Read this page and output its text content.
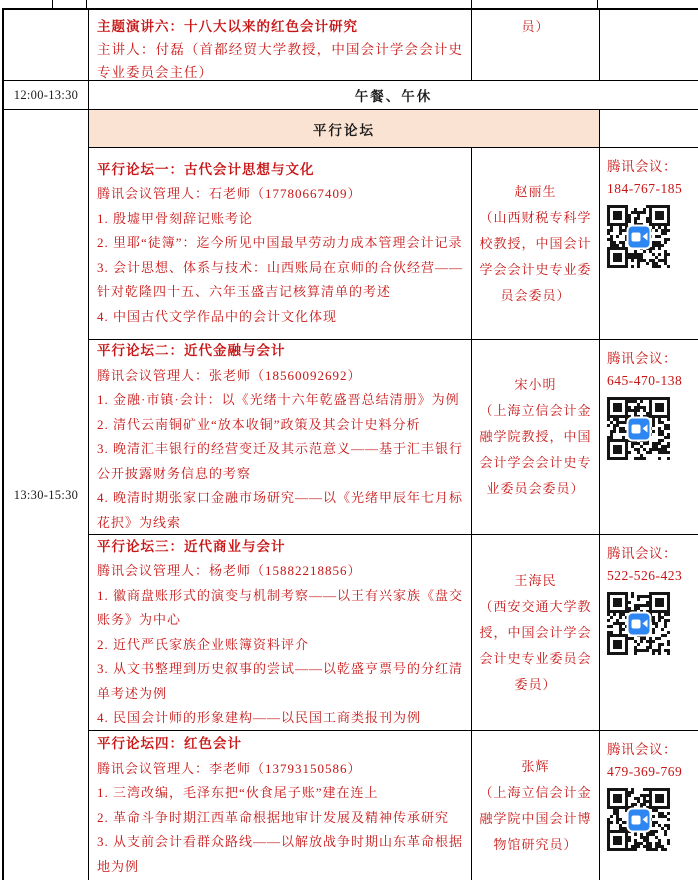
主题演讲六：十八大以来的红色会计研究
主讲人：付磊（首都经贸大学教授，中国会计学会会计史专业委员会主任）
员）
12:00-13:30	午餐、午休
13:30-15:30
平行论坛
平行论坛一：古代会计思想与文化
腾讯会议管理人：石老师（17780667409）
1. 殷墟甲骨刻辞记账考论
2. 里耶“徒簿”：迄今所见中国最早劳动力成本管理会计记录
3. 会计思想、体系与技术：山西账局在京师的合伙经营——针对乾隆四十五、六年玉盛吉记核算清单的考述
4. 中国古代文学作品中的会计文化体现
赵丽生
（山西财税专科学校教授，中国会计学会会计史专业委员会委员）
腾讯会议：
184-767-185
平行论坛二：近代金融与会计
腾讯会议管理人：张老师（18560092692）
1. 金融·市镇·会计：以《光绪十六年乾盛晋总结清册》为例
2. 清代云南铜矿业“放本收铜”政策及其会计史料分析
3. 晚清汇丰银行的经营变迁及其示范意义——基于汇丰银行公开披露财务信息的考察
4. 晚清时期张家口金融市场研究——以《光绪甲辰年七月标花択》为线索
宋小明
（上海立信会计金融学院教授，中国会计学会会计史专业委员会委员）
腾讯会议：
645-470-138
平行论坛三：近代商业与会计
腾讯会议管理人：杨老师（15882218856）
1. 徽商盘账形式的演变与机制考察——以王有兴家族《盘交账务》为中心
2. 近代严氏家族企业账簿资料评介
3. 从文书整理到历史叙事的尝试——以乾盛亨票号的分红清单考述为例
4. 民国会计师的形象建构——以民国工商类报刊为例
王海民
（西安交通大学教授，中国会计学会会计史专业委员会委员）
腾讯会议：
522-526-423
平行论坛四：红色会计
腾讯会议管理人：李老师（13793150586）
1. 三湾改编，毛泽东把“伙食尾子账”建在连上
2. 革命斗争时期江西革命根据地审计发展及精神传承研究
3. 从支前会计看群众路线——以解放战争时期山东革命根据地为例
张辉
（上海立信会计金融学院中国会计博物馆研究员）
腾讯会议：
479-369-769
